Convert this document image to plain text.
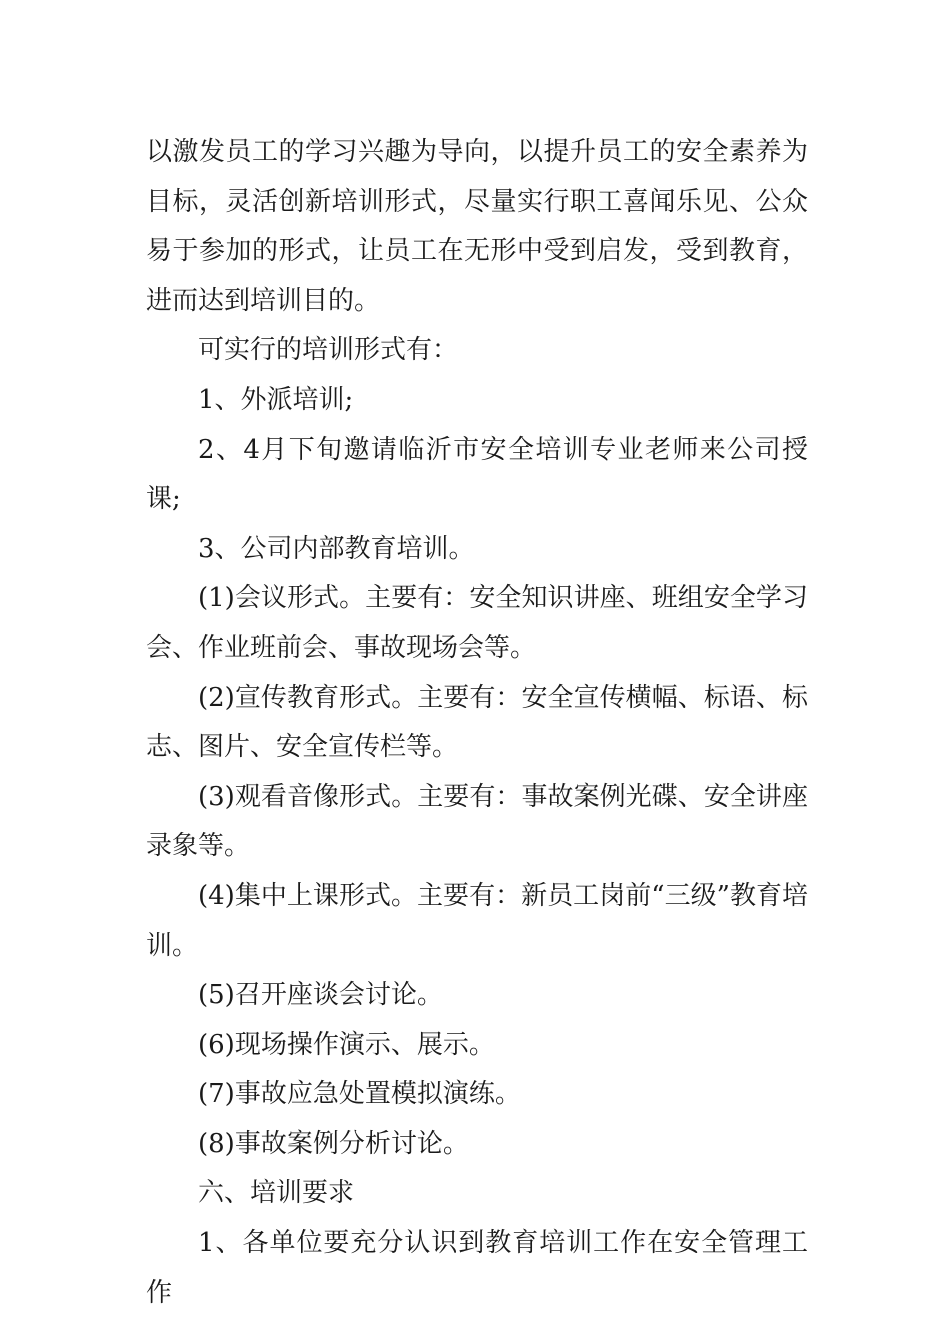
以激发员工的学习兴趣为导向，以提升员工的安全素养为目标，灵活创新培训形式，尽量实行职工喜闻乐见、公众易于参加的形式，让员工在无形中受到启发，受到教育，进而达到培训目的。

可实行的培训形式有：

1、外派培训;

2、4月下旬邀请临沂市安全培训专业老师来公司授课;

3、公司内部教育培训。

(1)会议形式。主要有：安全知识讲座、班组安全学习会、作业班前会、事故现场会等。

(2)宣传教育形式。主要有：安全宣传横幅、标语、标志、图片、安全宣传栏等。

(3)观看音像形式。主要有：事故案例光碟、安全讲座录象等。

(4)集中上课形式。主要有：新员工岗前“三级”教育培训。

(5)召开座谈会讨论。

(6)现场操作演示、展示。

(7)事故应急处置模拟演练。

(8)事故案例分析讨论。

六、培训要求

1、各单位要充分认识到教育培训工作在安全管理工作
